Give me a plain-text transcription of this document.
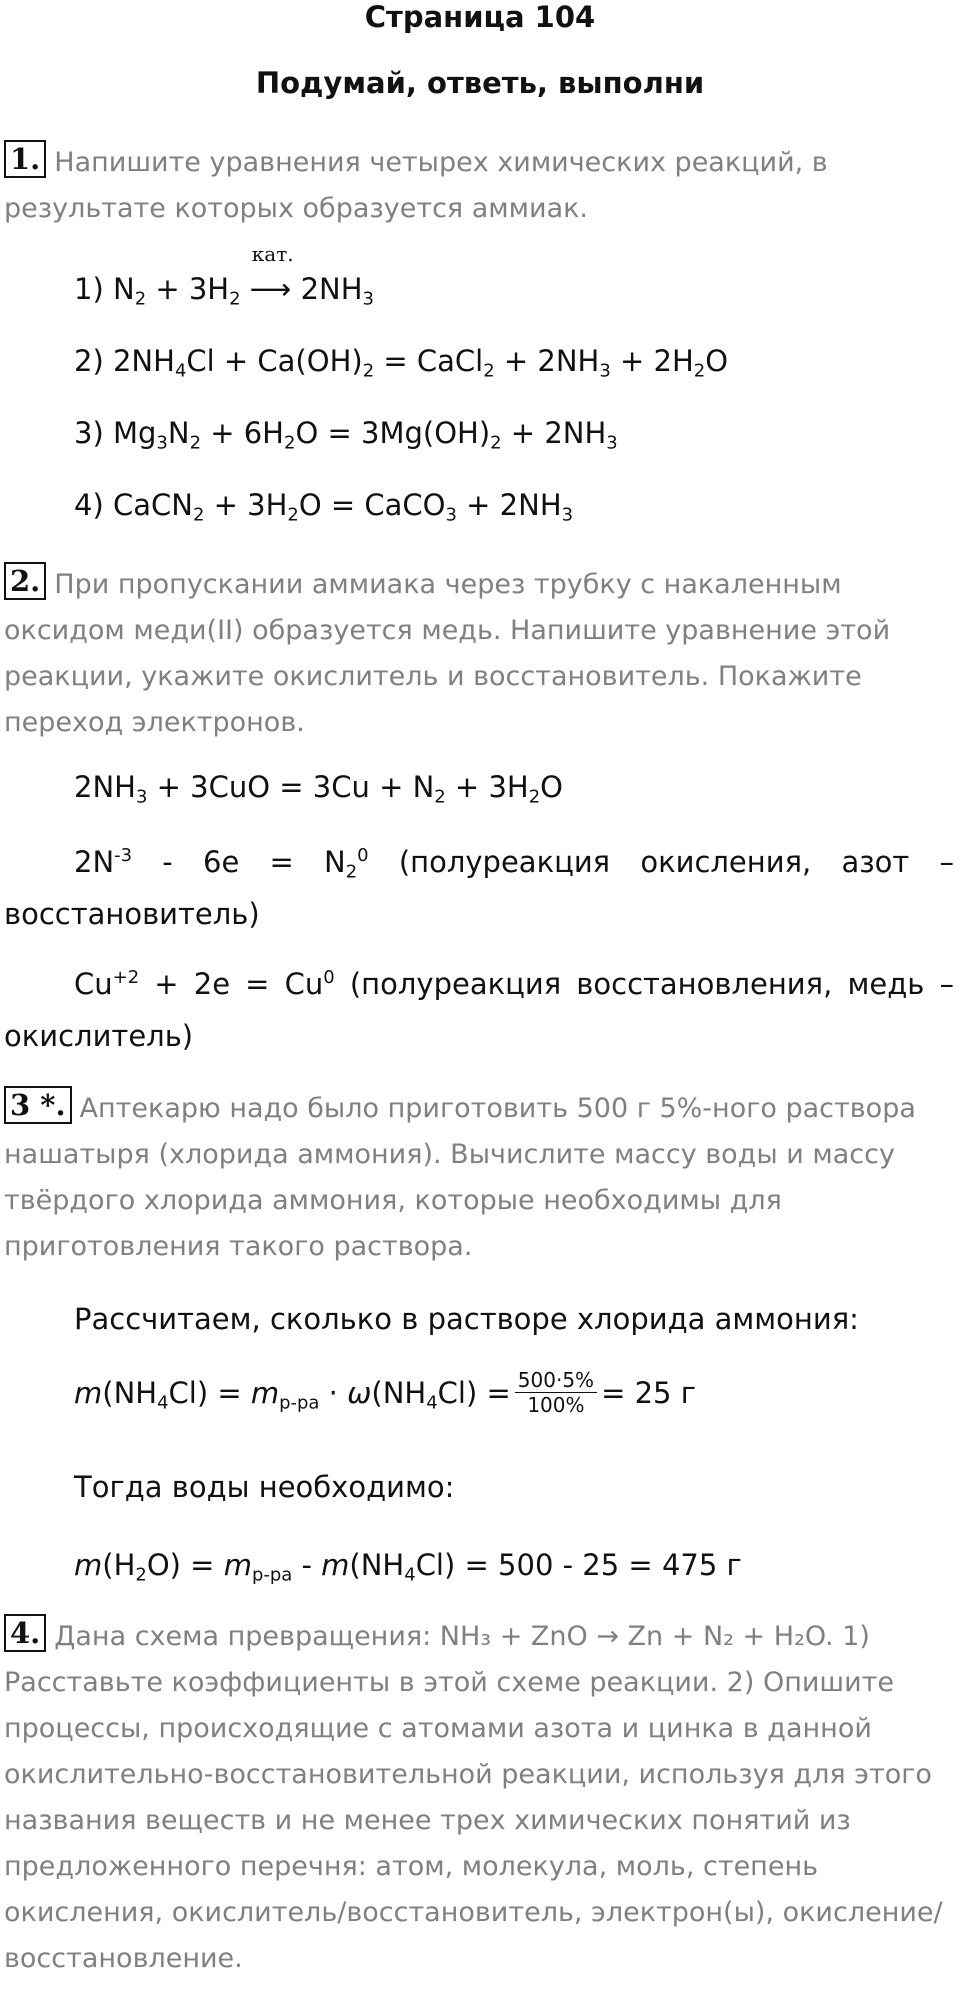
Страница 104
Подумай, ответь, выполни
1. Напишите уравнения четырех химических реакций, в результате которых образуется аммиак.
1) $N_2 + 3H_2$
кат.
⟶ $2NH_3$
2) $2NH_4Cl + Ca(OH)_2$ = CaCl$_2$ + $2NH_3 + 2H_2O$
3) $Mg_3N_2 + 6H_2O = 3Mg(OH)_2 + 2NH_3$
4) CaCN$_2$ + $3H_2O$ = CaCO$_3$ + $2NH_3$
2. При пропускании аммиака через трубку с накаленным оксидом меди(II) образуется медь. Напишите уравнение этой реакции, укажите окислитель и восстановитель. Покажите переход электронов.
$2NH_3 + 3CuO = 3Cu + N_2 + 3H_2O$
$2N^{-3} - 6e = N_2^0$ (полуреакция окисления, азот – восстановитель)
$Cu^{+2} + 2e = Cu^0$ (полуреакция восстановления, медь – окислитель)
3 *. Аптекарю надо было приготовить 500 г 5%-ного раствора нашатыря (хлорида аммония). Вычислите массу воды и массу твёрдого хлорида аммония, которые необходимы для приготовления такого раствора.
Рассчитаем, сколько в растворе хлорида аммония:
$m(NH_4Cl) = m_{р-ра} \cdot \omega(NH_4Cl) = \frac{500\cdot 5\%}{100\%} = 25$ г
Тогда воды необходимо:
$m(H_2O) = m_{р-ра} - m(NH_4Cl) = 500 - 25 = 475$ г
4. Дана схема превращения: NH₃ + ZnO → Zn + N₂ + H₂O. 1) Расставьте коэффициенты в этой схеме реакции. 2) Опишите процессы, происходящие с атомами азота и цинка в данной окислительно-восстановительной реакции, используя для этого названия веществ и не менее трех химических понятий из предложенного перечня: атом, молекула, моль, степень окисления, окислитель/восстановитель, электрон(ы), окисление/восстановление.
